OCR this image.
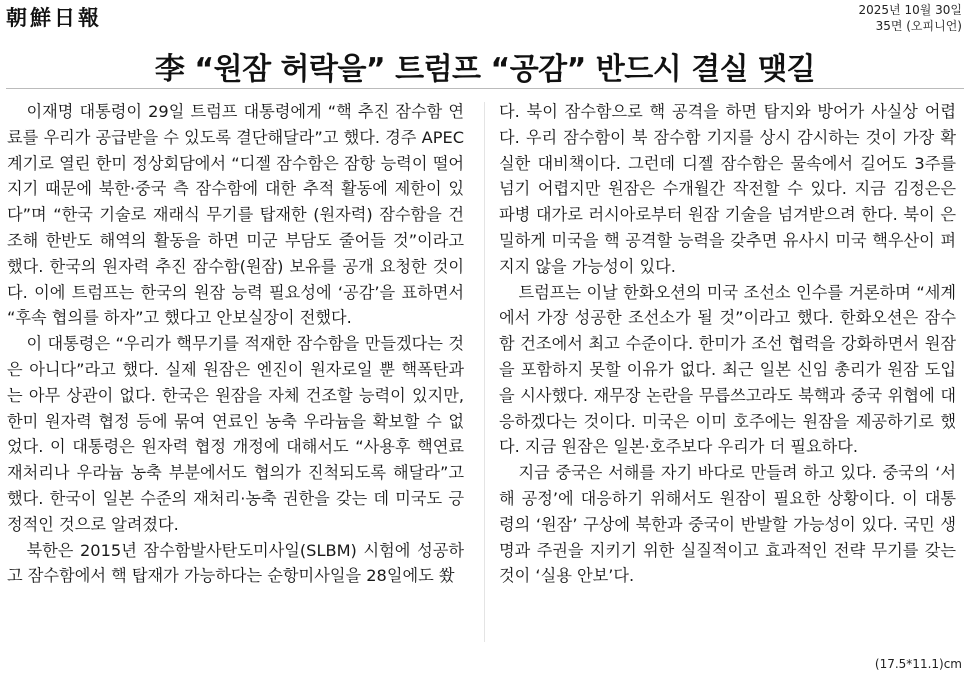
朝鮮日報	2025년 10월 30일
35면 (오피니언)
李 “원잠 허락을” 트럼프 “공감” 반드시 결실 맺길

이재명 대통령이 29일 트럼프 대통령에게 “핵 추진 잠수함 연료를 우리가 공급받을 수 있도록 결단해달라”고 했다. 경주 APEC 계기로 열린 한미 정상회담에서 “디젤 잠수함은 잠항 능력이 떨어지기 때문에 북한·중국 측 잠수함에 대한 추적 활동에 제한이 있다”며 “한국 기술로 재래식 무기를 탑재한 (원자력) 잠수함을 건조해 한반도 해역의 활동을 하면 미군 부담도 줄어들 것”이라고 했다. 한국의 원자력 추진 잠수함(원잠) 보유를 공개 요청한 것이다. 이에 트럼프는 한국의 원잠 능력 필요성에 ‘공감’을 표하면서 “후속 협의를 하자”고 했다고 안보실장이 전했다.

이 대통령은 “우리가 핵무기를 적재한 잠수함을 만들겠다는 것은 아니다”라고 했다. 실제 원잠은 엔진이 원자로일 뿐 핵폭탄과는 아무 상관이 없다. 한국은 원잠을 자체 건조할 능력이 있지만, 한미 원자력 협정 등에 묶여 연료인 농축 우라늄을 확보할 수 없었다. 이 대통령은 원자력 협정 개정에 대해서도 “사용후 핵연료 재처리나 우라늄 농축 부분에서도 협의가 진척되도록 해달라”고 했다. 한국이 일본 수준의 재처리·농축 권한을 갖는 데 미국도 긍정적인 것으로 알려졌다.

북한은 2015년 잠수함발사탄도미사일(SLBM) 시험에 성공하고 잠수함에서 핵 탑재가 가능하다는 순항미사일을 28일에도 쐈

다. 북이 잠수함으로 핵 공격을 하면 탐지와 방어가 사실상 어렵다. 우리 잠수함이 북 잠수함 기지를 상시 감시하는 것이 가장 확실한 대비책이다. 그런데 디젤 잠수함은 물속에서 길어도 3주를 넘기 어렵지만 원잠은 수개월간 작전할 수 있다. 지금 김정은은 파병 대가로 러시아로부터 원잠 기술을 넘겨받으려 한다. 북이 은밀하게 미국을 핵 공격할 능력을 갖추면 유사시 미국 핵우산이 펴지지 않을 가능성이 있다.

트럼프는 이날 한화오션의 미국 조선소 인수를 거론하며 “세계에서 가장 성공한 조선소가 될 것”이라고 했다. 한화오션은 잠수함 건조에서 최고 수준이다. 한미가 조선 협력을 강화하면서 원잠을 포함하지 못할 이유가 없다. 최근 일본 신임 총리가 원잠 도입을 시사했다. 재무장 논란을 무릅쓰고라도 북핵과 중국 위협에 대응하겠다는 것이다. 미국은 이미 호주에는 원잠을 제공하기로 했다. 지금 원잠은 일본·호주보다 우리가 더 필요하다.

지금 중국은 서해를 자기 바다로 만들려 하고 있다. 중국의 ‘서해 공정’에 대응하기 위해서도 원잠이 필요한 상황이다. 이 대통령의 ‘원잠’ 구상에 북한과 중국이 반발할 가능성이 있다. 국민 생명과 주권을 지키기 위한 실질적이고 효과적인 전략 무기를 갖는 것이 ‘실용 안보’다.

(17.5*11.1)cm
